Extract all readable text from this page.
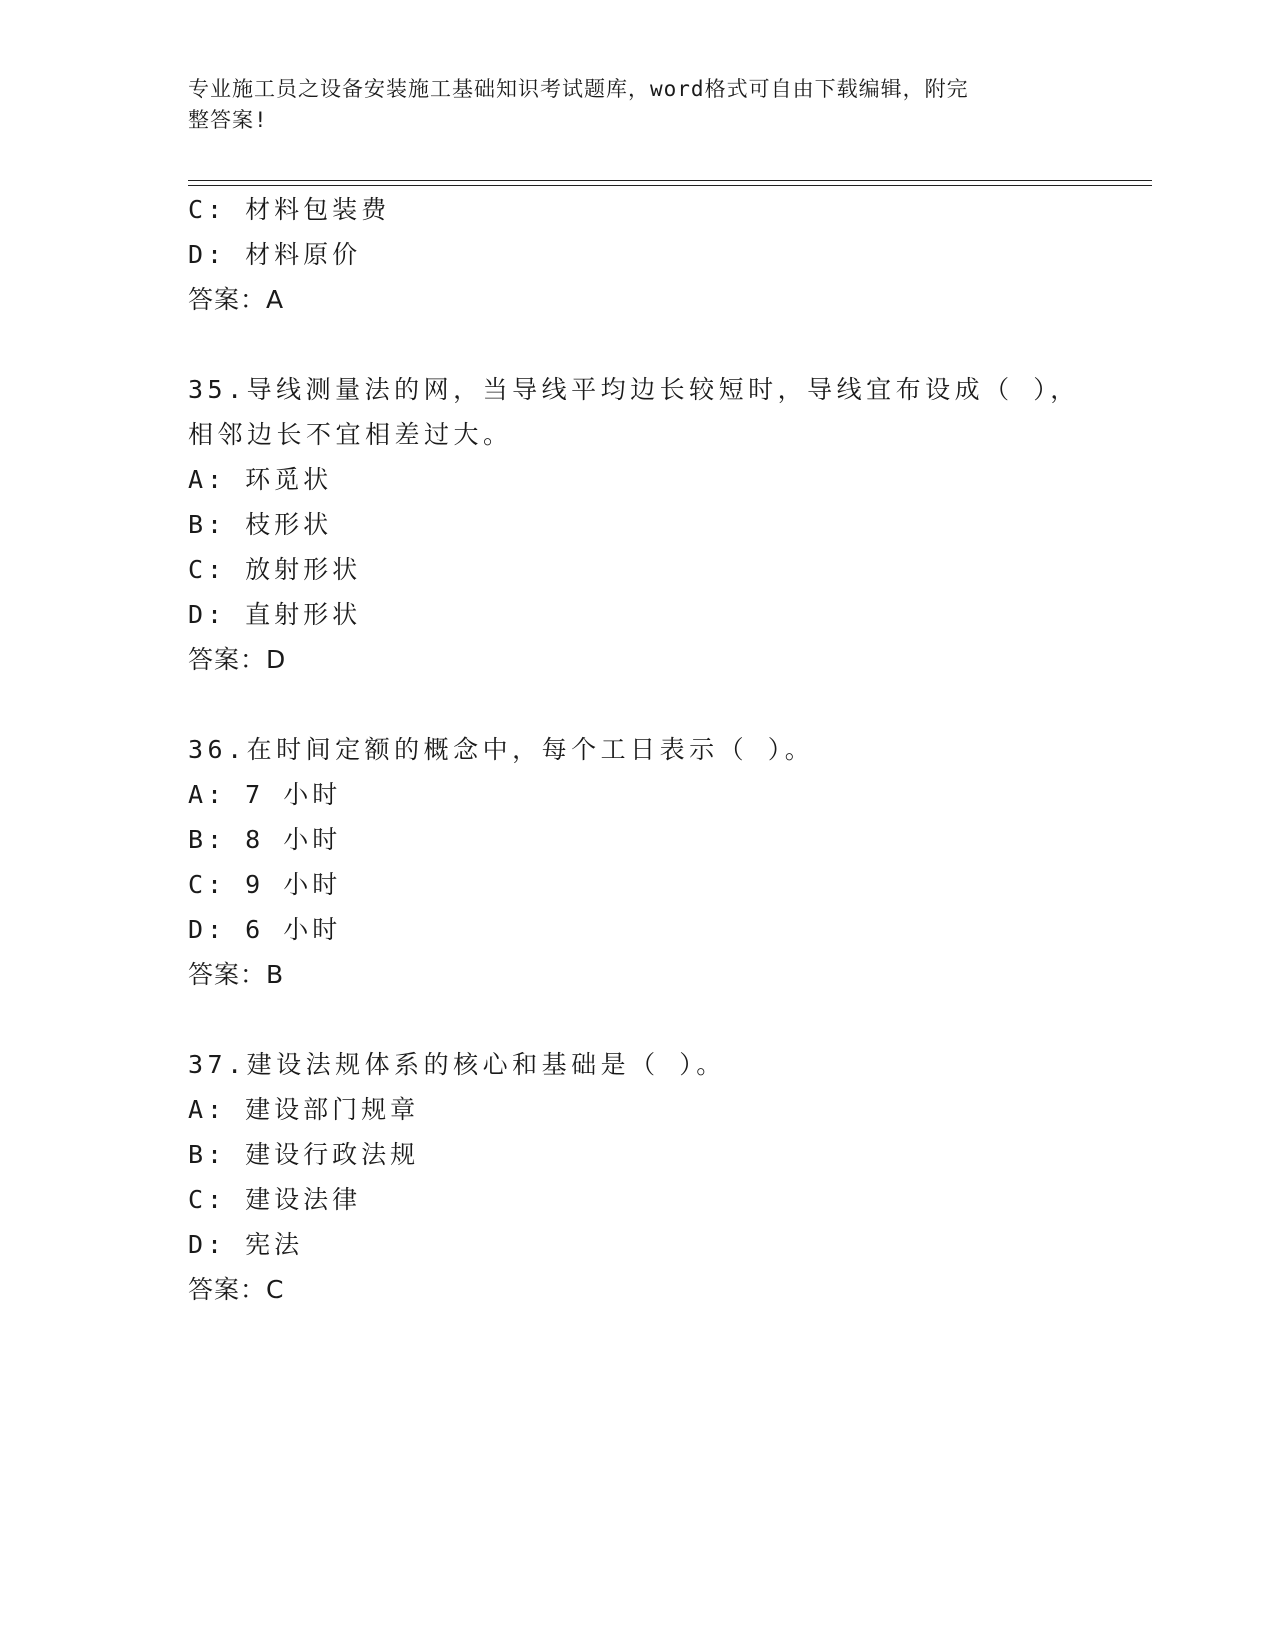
专业施工员之设备安装施工基础知识考试题库，word格式可自由下载编辑，附完
整答案!
C: 材料包装费
D: 材料原价
答案：A
35.导线测量法的网，当导线平均边长较短时，导线宜布设成（ ），
相邻边长不宜相差过大。
A: 环觅状
B: 枝形状
C: 放射形状
D: 直射形状
答案：D
36.在时间定额的概念中，每个工日表示（ ）。
A: 7 小时
B: 8 小时
C: 9 小时
D: 6 小时
答案：B
37.建设法规体系的核心和基础是（ ）。
A: 建设部门规章
B: 建设行政法规
C: 建设法律
D: 宪法
答案：C
